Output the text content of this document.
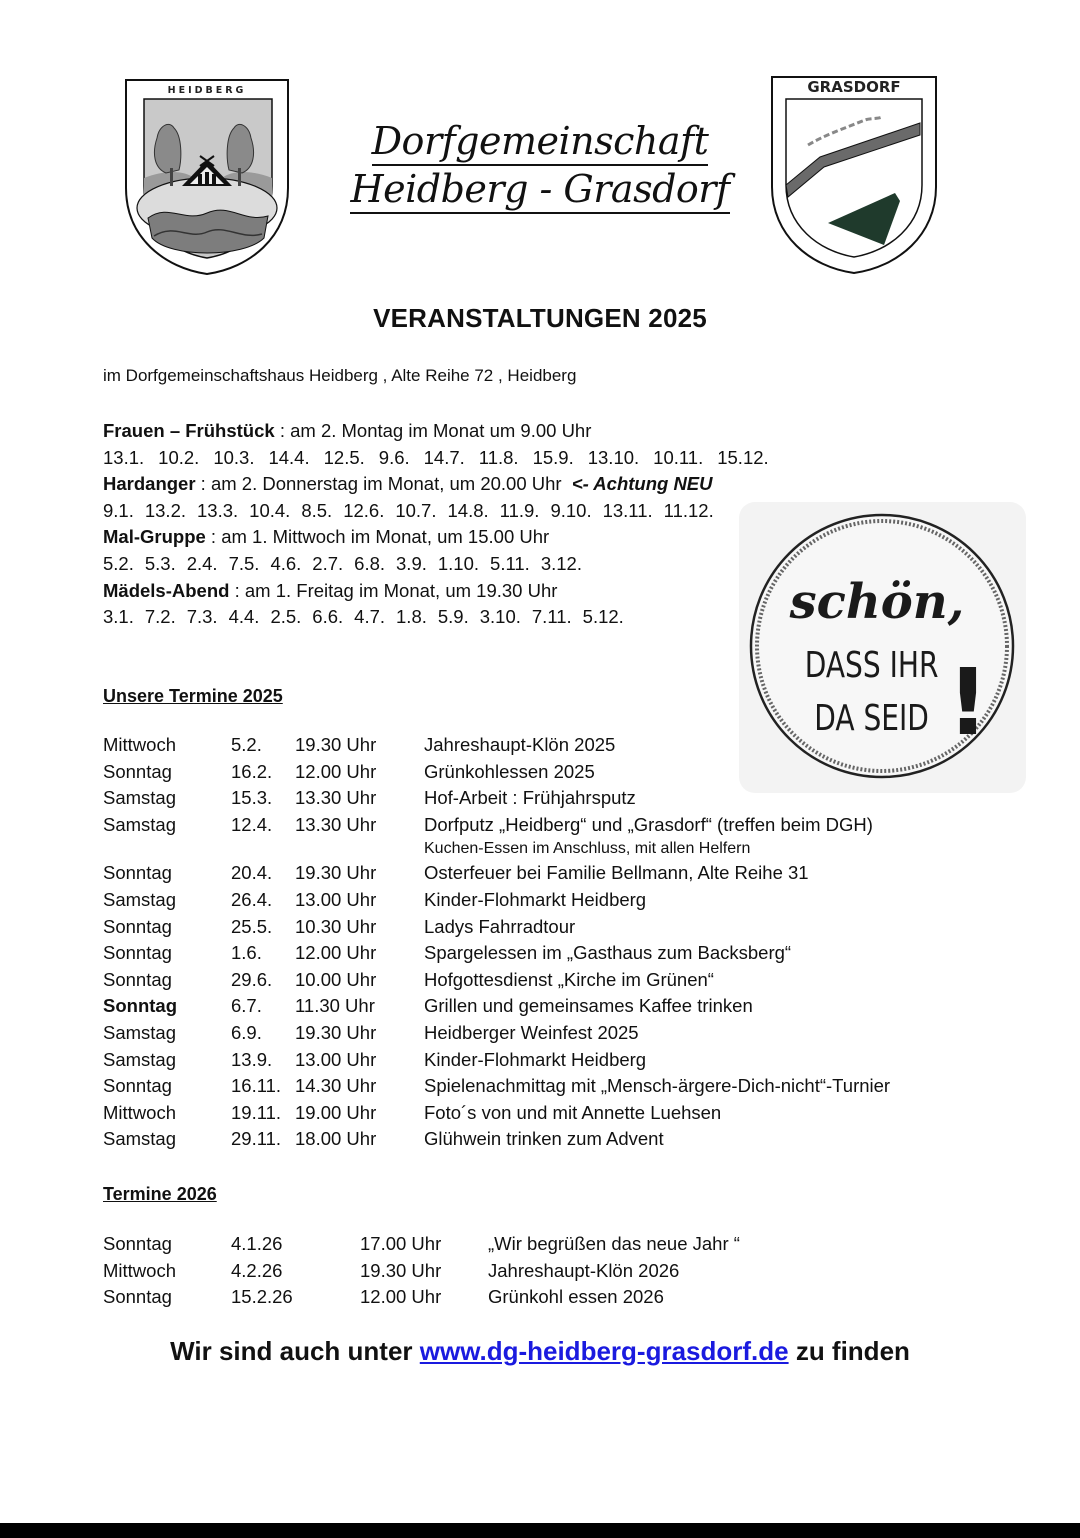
HEIDBERG
Dorfgemeinschaft
Heidberg - Grasdorf
GRASDORF
VERANSTALTUNGEN 2025
im Dorfgemeinschaftshaus Heidberg , Alte Reihe 72 , Heidberg
Frauen – Frühstück : am 2. Montag im Monat um 9.00 Uhr
13.1. 10.2. 10.3. 14.4. 12.5. 9.6. 14.7. 11.8. 15.9. 13.10. 10.11. 15.12.
Hardanger : am 2. Donnerstag im Monat, um 20.00 Uhr <- Achtung NEU
9.1. 13.2. 13.3. 10.4. 8.5. 12.6. 10.7. 14.8. 11.9. 9.10. 13.11. 11.12.
Mal-Gruppe : am 1. Mittwoch im Monat, um 15.00 Uhr
5.2. 5.3. 2.4. 7.5. 4.6. 2.7. 6.8. 3.9. 1.10. 5.11. 3.12.
Mädels-Abend : am 1. Freitag im Monat, um 19.30 Uhr
3.1. 7.2. 7.3. 4.4. 2.5. 6.6. 4.7. 1.8. 5.9. 3.10. 7.11. 5.12.	schön,
DASS IHR
DA SEID !
Unsere Termine 2025
Mittwoch	5.2. 19.30 Uhr	Jahreshaupt-Klön 2025
Sonntag	16.2. 12.00 Uhr	Grünkohlessen 2025
Samstag	15.3. 13.30 Uhr	Hof-Arbeit : Frühjahrsputz
Samstag	12.4. 13.30 Uhr	Dorfputz „Heidberg“ und „Grasdorf“ (treffen beim DGH)
Kuchen-Essen im Anschluss, mit allen Helfern
Sonntag	20.4. 19.30 Uhr	Osterfeuer bei Familie Bellmann, Alte Reihe 31
Samstag	26.4. 13.00 Uhr	Kinder-Flohmarkt Heidberg
Sonntag	25.5. 10.30 Uhr	Ladys Fahrradtour
Sonntag	1.6. 12.00 Uhr	Spargelessen im „Gasthaus zum Backsberg“
Sonntag	29.6. 10.00 Uhr	Hofgottesdienst „Kirche im Grünen“
Sonntag	6.7. 11.30 Uhr	Grillen und gemeinsames Kaffee trinken
Samstag	6.9. 19.30 Uhr	Heidberger Weinfest 2025
Samstag	13.9. 13.00 Uhr	Kinder-Flohmarkt Heidberg
Sonntag	16.11. 14.30 Uhr	Spielenachmittag mit „Mensch-ärgere-Dich-nicht“-Turnier
Mittwoch	19.11. 19.00 Uhr	Foto´s von und mit Annette Luehsen
Samstag	29.11. 18.00 Uhr	Glühwein trinken zum Advent
Termine 2026
Sonntag	4.1.26	17.00 Uhr	„Wir begrüßen das neue Jahr “
Mittwoch	4.2.26	19.30 Uhr	Jahreshaupt-Klön 2026
Sonntag	15.2.26	12.00 Uhr	Grünkohl essen 2026
Wir sind auch unter www.dg-heidberg-grasdorf.de zu finden
